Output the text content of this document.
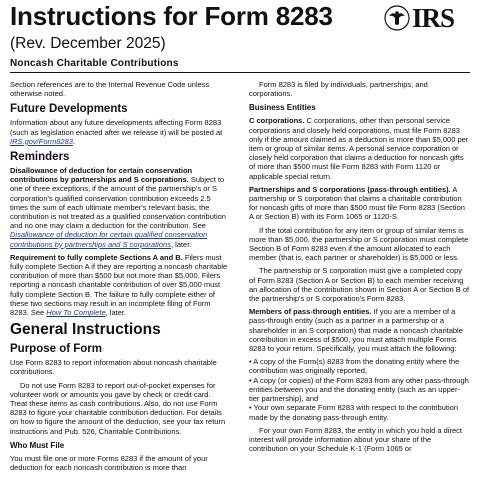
Instructions for Form 8283
(Rev. December 2025)
Noncash Charitable Contributions
IRS

Section references are to the Internal Revenue Code unless otherwise noted.

Future Developments

Information about any future developments affecting Form 8283 (such as legislation enacted after we release it) will be posted at IRS.gov/Form8283.

Reminders

Disallowance of deduction for certain conservation contributions by partnerships and S corporations. Subject to one of three exceptions, if the amount of the partnership's or S corporation's qualified conservation contribution exceeds 2.5 times the sum of each ultimate member's relevant basis, the contribution is not treated as a qualified conservation contribution and no one may claim a deduction for the contribution. See Disallowance of deduction for certain qualified conservation contributions by partnerships and S corporations, later.

Requirement to fully complete Sections A and B. Filers must fully complete Section A if they are reporting a noncash charitable contribution of more than $500 but not more than $5,000. Filers reporting a noncash charitable contribution of over $5,000 must fully complete Section B. The failure to fully complete either of these two sections may result in an incomplete filing of Form 8283. See How To Complete, later.

General Instructions
Purpose of Form

Use Form 8283 to report information about noncash charitable contributions.

Do not use Form 8283 to report out-of-pocket expenses for volunteer work or amounts you gave by check or credit card. Treat these items as cash contributions. Also, do not use Form 8283 to figure your charitable contribution deduction. For details on how to figure the amount of the deduction, see your tax return instructions and Pub. 526, Charitable Contributions.

Who Must File

You must file one or more Forms 8283 if the amount of your deduction for each noncash contribution is more than

Form 8283 is filed by individuals, partnerships, and corporations.

Business Entities

C corporations. C corporations, other than personal service corporations and closely held corporations, must file Form 8283 only if the amount claimed as a deduction is more than $5,000 per item or group of similar items. A personal service corporation or closely held corporation that claims a deduction for noncash gifts of more than $500 must file Form 8283 with Form 1120 or applicable special return.

Partnerships and S corporations (pass-through entities). A partnership or S corporation that claims a charitable contribution for noncash gifts of more than $500 must file Form 8283 (Section A or Section B) with its Form 1065 or 1120-S.

If the total contribution for any item or group of similar items is more than $5,000, the partnership or S corporation must complete Section B of Form 8283 even if the amount allocated to each member (that is, each partner or shareholder) is $5,000 or less.

The partnership or S corporation must give a completed copy of Form 8283 (Section A or Section B) to each member receiving an allocation of the contribution shown in Section A or Section B of the partnership's or S corporation's Form 8283.

Members of pass-through entities. If you are a member of a pass-through entity (such as a partner in a partnership or a shareholder in an S corporation) that made a noncash charitable contribution in excess of $500, you must attach multiple Forms 8283 to your return. Specifically, you must attach the following:

• A copy of the Form(s) 8283 from the donating entity where the contribution was originally reported,

• A copy (or copies) of the Form 8283 from any other pass-through entities between you and the donating entity (such as an upper-tier partnership), and

• Your own separate Form 8283 with respect to the contribution made by the donating pass-through entity.

For your own Form 8283, the entity in which you hold a direct interest will provide information about your share of the contribution on your Schedule K-1 (Form 1065 or
